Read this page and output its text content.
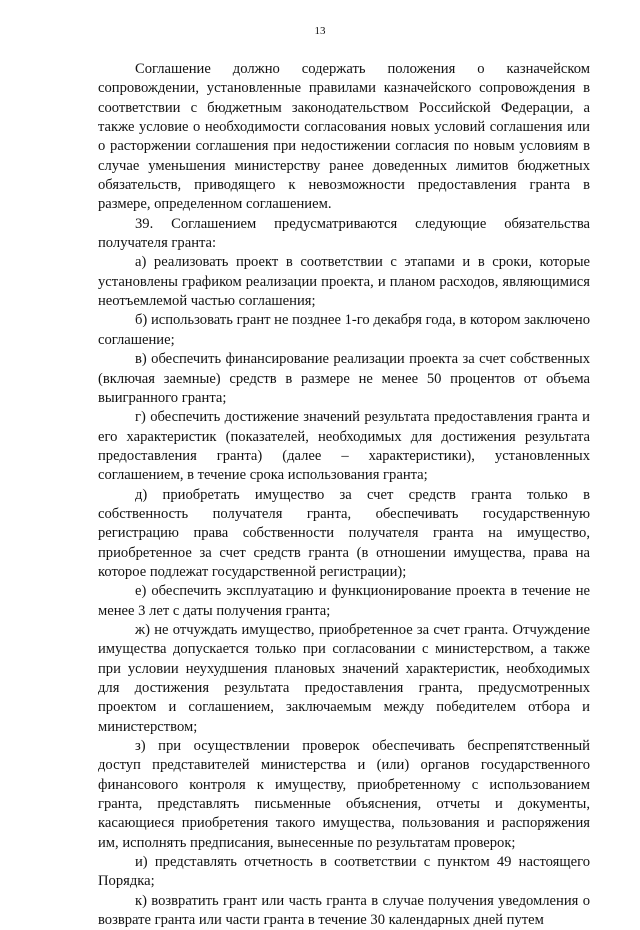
13

Соглашение должно содержать положения о казначейском сопровождении, установленные правилами казначейского сопровождения в соответствии с бюджетным законодательством Российской Федерации, а также условие о необходимости согласования новых условий соглашения или о расторжении соглашения при недостижении согласия по новым условиям в случае уменьшения министерству ранее доведенных лимитов бюджетных обязательств, приводящего к невозможности предоставления гранта в размере, определенном соглашением.

39. Соглашением предусматриваются следующие обязательства получателя гранта:

а) реализовать проект в соответствии с этапами и в сроки, которые установлены графиком реализации проекта, и планом расходов, являющимися неотъемлемой частью соглашения;

б) использовать грант не позднее 1-го декабря года, в котором заключено соглашение;

в) обеспечить финансирование реализации проекта за счет собственных (включая заемные) средств в размере не менее 50 процентов от объема выигранного гранта;

г) обеспечить достижение значений результата предоставления гранта и его характеристик (показателей, необходимых для достижения результата предоставления гранта) (далее – характеристики), установленных соглашением, в течение срока использования гранта;

д) приобретать имущество за счет средств гранта только в собственность получателя гранта, обеспечивать государственную регистрацию права собственности получателя гранта на имущество, приобретенное за счет средств гранта (в отношении имущества, права на которое подлежат государственной регистрации);

е) обеспечить эксплуатацию и функционирование проекта в течение не менее 3 лет с даты получения гранта;

ж) не отчуждать имущество, приобретенное за счет гранта. Отчуждение имущества допускается только при согласовании с министерством, а также при условии неухудшения плановых значений характеристик, необходимых для достижения результата предоставления гранта, предусмотренных проектом и соглашением, заключаемым между победителем отбора и министерством;

з) при осуществлении проверок обеспечивать беспрепятственный доступ представителей министерства и (или) органов государственного финансового контроля к имуществу, приобретенному с использованием гранта, представлять письменные объяснения, отчеты и документы, касающиеся приобретения такого имущества, пользования и распоряжения им, исполнять предписания, вынесенные по результатам проверок;

и) представлять отчетность в соответствии с пунктом 49 настоящего Порядка;

к) возвратить грант или часть гранта в случае получения уведомления о возврате гранта или части гранта в течение 30 календарных дней путем
